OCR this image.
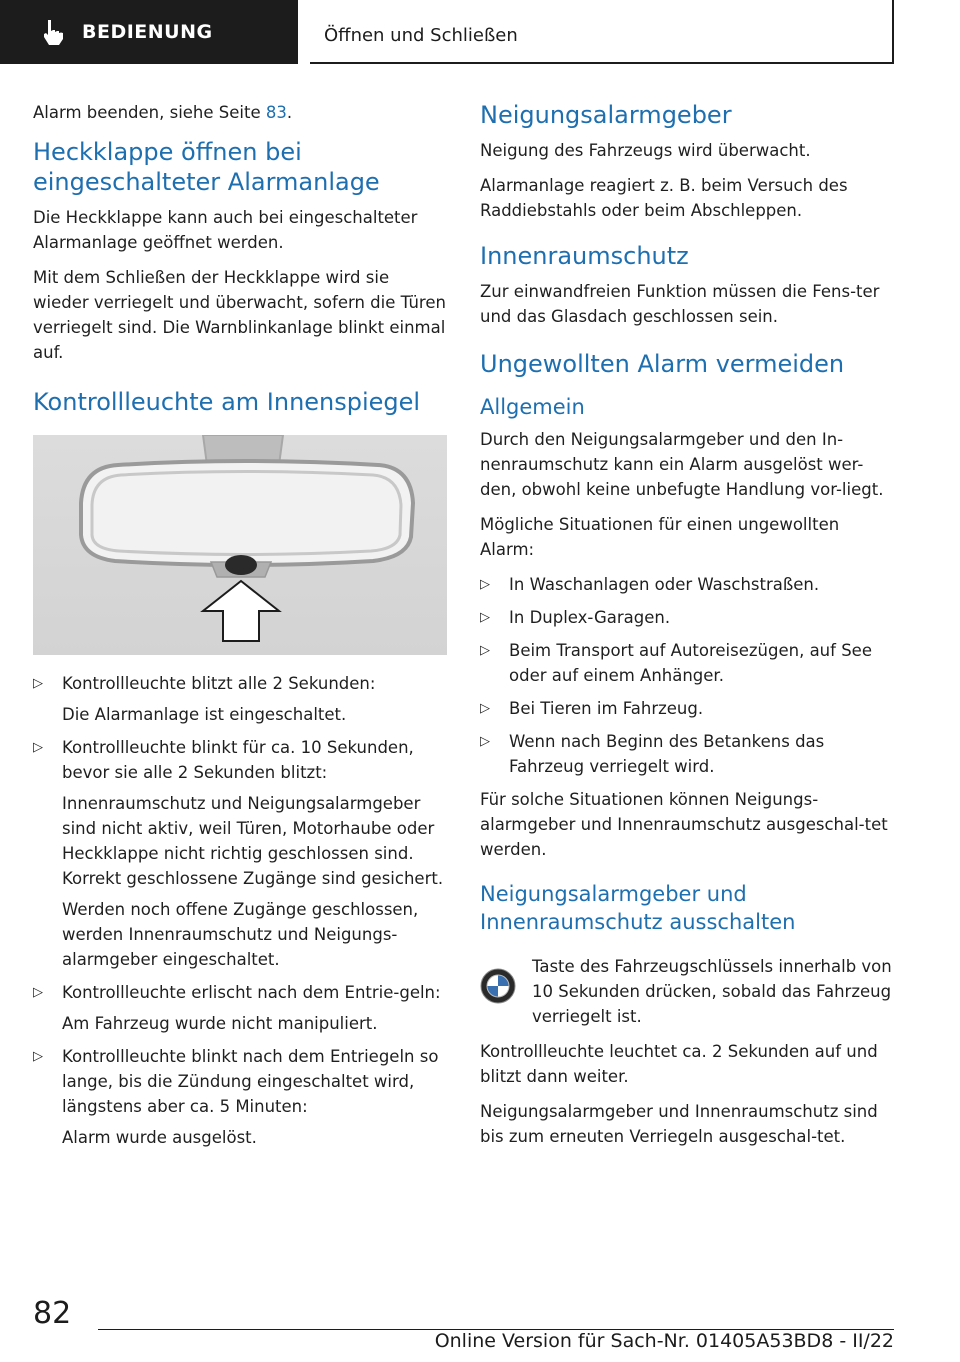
BEDIENUNG	Öffnen und Schließen

Alarm beenden, siehe Seite 83.

Heckklappe öffnen bei eingeschalteter Alarmanlage

Die Heckklappe kann auch bei eingeschalteter Alarmanlage geöffnet werden.

Mit dem Schließen der Heckklappe wird sie wieder verriegelt und überwacht, sofern die Türen verriegelt sind. Die Warnblinkanlage blinkt einmal auf.

Kontrollleuchte am Innenspiegel
▷ Kontrollleuchte blitzt alle 2 Sekunden:

Die Alarmanlage ist eingeschaltet.

▷ Kontrollleuchte blinkt für ca. 10 Sekunden, bevor sie alle 2 Sekunden blitzt:

Innenraumschutz und Neigungsalarmgeber sind nicht aktiv, weil Türen, Motorhaube oder Heckklappe nicht richtig geschlossen sind. Korrekt geschlossene Zugänge sind gesichert.

Werden noch offene Zugänge geschlossen, werden Innenraumschutz und Neigungs-alarmgeber eingeschaltet.

▷ Kontrollleuchte erlischt nach dem Entrie-geln:

Am Fahrzeug wurde nicht manipuliert.

▷ Kontrollleuchte blinkt nach dem Entriegeln so lange, bis die Zündung eingeschaltet wird, längstens aber ca. 5 Minuten:

Alarm wurde ausgelöst.

Neigungsalarmgeber

Neigung des Fahrzeugs wird überwacht.

Alarmanlage reagiert z. B. beim Versuch des Raddiebstahls oder beim Abschleppen.

Innenraumschutz

Zur einwandfreien Funktion müssen die Fens-ter und das Glasdach geschlossen sein.

Ungewollten Alarm vermeiden
Allgemein

Durch den Neigungsalarmgeber und den In-nenraumschutz kann ein Alarm ausgelöst wer-den, obwohl keine unbefugte Handlung vor-liegt.

Mögliche Situationen für einen ungewollten Alarm:

▷ In Waschanlagen oder Waschstraßen.

▷ In Duplex-Garagen.

▷ Beim Transport auf Autoreisezügen, auf See oder auf einem Anhänger.

▷ Bei Tieren im Fahrzeug.

▷ Wenn nach Beginn des Betankens das Fahrzeug verriegelt wird.

Für solche Situationen können Neigungs-alarmgeber und Innenraumschutz ausgeschal-tet werden.

Neigungsalarmgeber und Innenraumschutz ausschalten

Taste des Fahrzeugschlüssels innerhalb von 10 Sekunden drücken, sobald das Fahrzeug verriegelt ist.

Kontrollleuchte leuchtet ca. 2 Sekunden auf und blitzt dann weiter.

Neigungsalarmgeber und Innenraumschutz sind bis zum erneuten Verriegeln ausgeschal-tet.

82
Online Version für Sach-Nr. 01405A53BD8 - II/22
